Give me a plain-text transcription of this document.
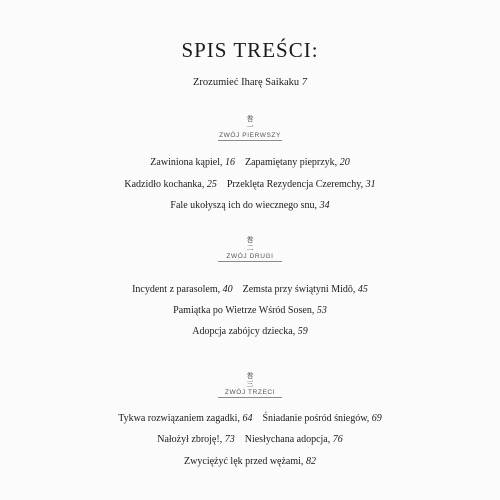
SPIS TREŚCI:
Zrozumieć Iharę Saikaku 7
巻
一
ZWÓJ PIERWSZY
Zawiniona kąpiel, 16 Zapamiętany pieprzyk, 20
Kadzidło kochanka, 25 Przeklęta Rezydencja Czeremchy, 31
Fale ukołyszą ich do wiecznego snu, 34
巻
二
ZWÓJ DRUGI
Incydent z parasolem, 40 Zemsta przy świątyni Midō, 45
Pamiątka po Wietrze Wśród Sosen, 53
Adopcja zabójcy dziecka, 59
巻
三
ZWÓJ TRZECI
Tykwa rozwiązaniem zagadki, 64 Śniadanie pośród śniegów, 69
Nałożył zbroję!, 73 Niesłychana adopcja, 76
Zwyciężyć lęk przed wężami, 82
